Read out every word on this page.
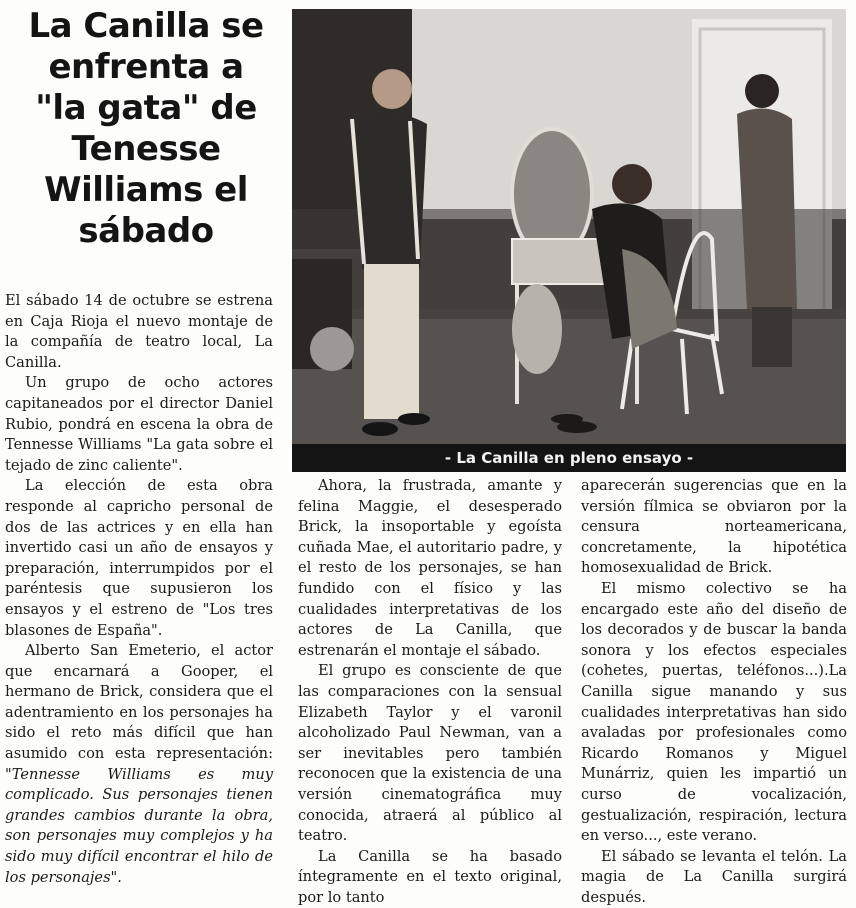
La Canilla se
enfrenta a
"la gata" de
Tenesse
Williams el
sábado
- La Canilla en pleno ensayo -

El sábado 14 de octubre se estrena en Caja Rioja el nuevo montaje de la compañía de teatro local, La Canilla.

Un grupo de ocho actores capitaneados por el director Daniel Rubio, pondrá en escena la obra de Tennesse Williams "La gata sobre el tejado de zinc caliente".

La elección de esta obra responde al capricho personal de dos de las actrices y en ella han invertido casi un año de ensayos y preparación, interrumpidos por el paréntesis que supusieron los ensayos y el estreno de "Los tres blasones de España".

Alberto San Emeterio, el actor que encarnará a Gooper, el hermano de Brick, considera que el adentramiento en los personajes ha sido el reto más difícil que han asumido con esta representación: "Tennesse Williams es muy complicado. Sus personajes tienen grandes cambios durante la obra, son personajes muy complejos y ha sido muy difícil encontrar el hilo de los personajes".

Ahora, la frustrada, amante y felina Maggie, el desesperado Brick, la insoportable y egoísta cuñada Mae, el autoritario padre, y el resto de los personajes, se han fundido con el físico y las cualidades interpretativas de los actores de La Canilla, que estrenarán el montaje el sábado.

El grupo es consciente de que las comparaciones con la sensual Elizabeth Taylor y el varonil alcoholizado Paul Newman, van a ser inevitables pero también reconocen que la existencia de una versión cinematográfica muy conocida, atraerá al público al teatro.

La Canilla se ha basado íntegramente en el texto original, por lo tanto

aparecerán sugerencias que en la versión fílmica se obviaron por la censura norteamericana, concretamente, la hipotética homosexualidad de Brick.

El mismo colectivo se ha encargado este año del diseño de los decorados y de buscar la banda sonora y los efectos especiales (cohetes, puertas, teléfonos...).La Canilla sigue manando y sus cualidades interpretativas han sido avaladas por profesionales como Ricardo Romanos y Miguel Munárriz, quien les impartió un curso de vocalización, gestualización, respiración, lectura en verso..., este verano.

El sábado se levanta el telón. La magia de La Canilla surgirá después.
